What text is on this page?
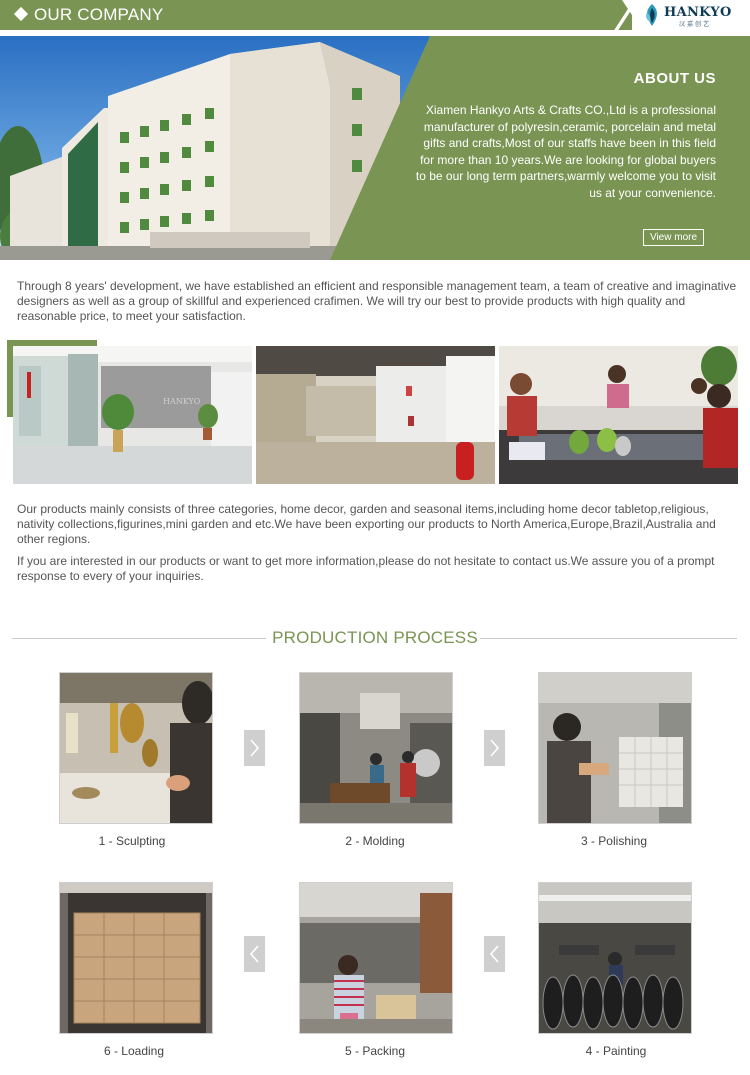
OUR COMPANY	HANKYO
汉嘉创艺
ABOUT US
Xiamen Hankyo Arts & Crafts CO.,Ltd is a professional
manufacturer of polyresin,ceramic, porcelain and metal
gifts and crafts,Most of our staffs have been in this field
for more than 10 years.We are looking for global buyers
to be our long term partners,warmly welcome you to visit
us at your convenience.
View more
Through 8 years' development, we have established an efficient and responsible management team, a team of creative and imaginative designers as well as a group of skillful and experienced crafimen. We will try our best to provide products with high quality and reasonable price, to meet your satisfaction.
HANKYO
Our products mainly consists of three categories, home decor, garden and seasonal items,including home decor tabletop,religious, nativity collections,figurines,mini garden and etc.We have been exporting our products to North America,Europe,Brazil,Australia and other regions.
If you are interested in our products or want to get more information,please do not hesitate to contact us.We assure you of a prompt response to every of your inquiries.
PRODUCTION PROCESS
1 - Sculpting	2 - Molding	3 - Polishing
6 - Loading	5 - Packing	4 - Painting
